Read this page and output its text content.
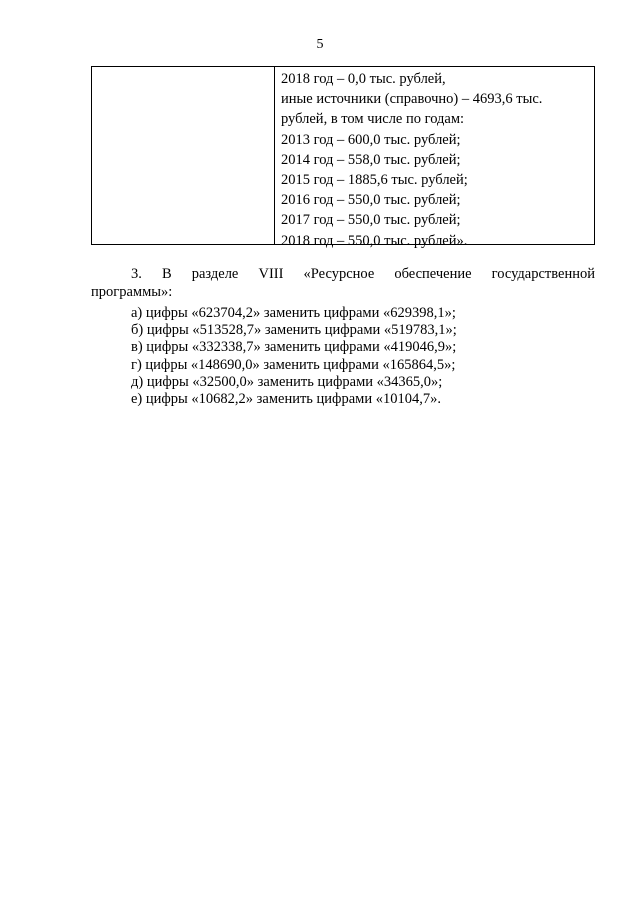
5
2018 год – 0,0 тыс. рублей,
иные источники (справочно) – 4693,6 тыс.
рублей, в том числе по годам:
2013 год – 600,0 тыс. рублей;
2014 год – 558,0 тыс. рублей;
2015 год – 1885,6 тыс. рублей;
2016 год – 550,0 тыс. рублей;
2017 год – 550,0 тыс. рублей;
2018 год – 550,0 тыс. рублей».
3. В разделе VIII «Ресурсное обеспечение государственной
программы»:
а) цифры «623704,2» заменить цифрами «629398,1»;
б) цифры «513528,7» заменить цифрами «519783,1»;
в) цифры «332338,7» заменить цифрами «419046,9»;
г) цифры «148690,0» заменить цифрами «165864,5»;
д) цифры «32500,0» заменить цифрами «34365,0»;
е) цифры «10682,2» заменить цифрами «10104,7».
